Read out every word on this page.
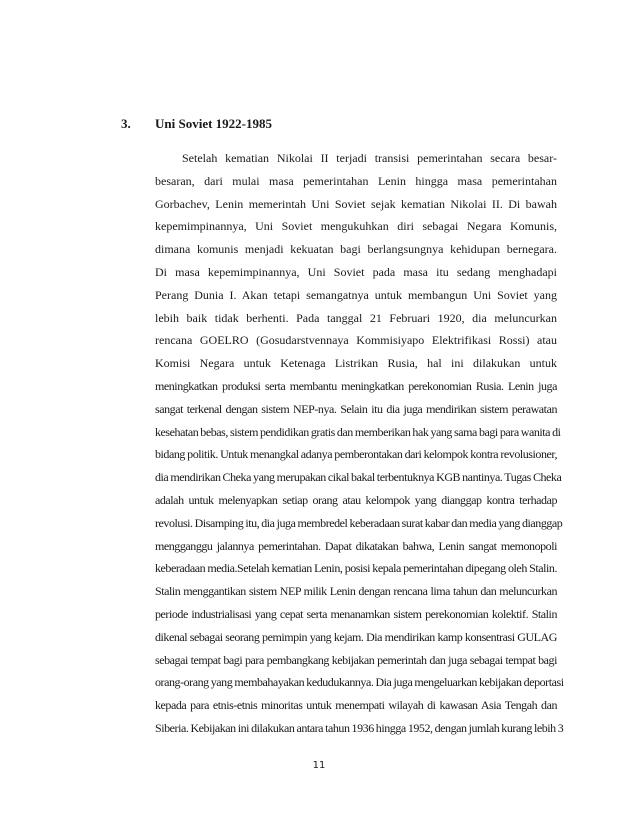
3. Uni Soviet 1922-1985
Setelah kematian Nikolai II terjadi transisi pemerintahan secara besar-
besaran, dari mulai masa pemerintahan Lenin hingga masa pemerintahan
Gorbachev, Lenin memerintah Uni Soviet sejak kematian Nikolai II. Di bawah
kepemimpinannya, Uni Soviet mengukuhkan diri sebagai Negara Komunis,
dimana komunis menjadi kekuatan bagi berlangsungnya kehidupan bernegara.
Di masa kepemimpinannya, Uni Soviet pada masa itu sedang menghadapi
Perang Dunia I. Akan tetapi semangatnya untuk membangun Uni Soviet yang
lebih baik tidak berhenti. Pada tanggal 21 Februari 1920, dia meluncurkan
rencana GOELRO (Gosudarstvennaya Kommisiyapo Elektrifikasi Rossi) atau
Komisi Negara untuk Ketenaga Listrikan Rusia, hal ini dilakukan untuk
meningkatkan produksi serta membantu meningkatkan perekonomian Rusia. Lenin juga
sangat terkenal dengan sistem NEP-nya. Selain itu dia juga mendirikan sistem perawatan
kesehatan bebas, sistem pendidikan gratis dan memberikan hak yang sama bagi para wanita di
bidang politik. Untuk menangkal adanya pemberontakan dari kelompok kontra revolusioner,
dia mendirikan Cheka yang merupakan cikal bakal terbentuknya KGB nantinya. Tugas Cheka
adalah untuk melenyapkan setiap orang atau kelompok yang dianggap kontra terhadap
revolusi. Disamping itu, dia juga membredel keberadaan surat kabar dan media yang dianggap
mengganggu jalannya pemerintahan. Dapat dikatakan bahwa, Lenin sangat memonopoli
keberadaan media.Setelah kematian Lenin, posisi kepala pemerintahan dipegang oleh Stalin.
Stalin menggantikan sistem NEP milik Lenin dengan rencana lima tahun dan meluncurkan
periode industrialisasi yang cepat serta menanamkan sistem perekonomian kolektif. Stalin
dikenal sebagai seorang pemimpin yang kejam. Dia mendirikan kamp konsentrasi GULAG
sebagai tempat bagi para pembangkang kebijakan pemerintah dan juga sebagai tempat bagi
orang-orang yang membahayakan kedudukannya. Dia juga mengeluarkan kebijakan deportasi
kepada para etnis-etnis minoritas untuk menempati wilayah di kawasan Asia Tengah dan
Siberia. Kebijakan ini dilakukan antara tahun 1936 hingga 1952, dengan jumlah kurang lebih 3
11
